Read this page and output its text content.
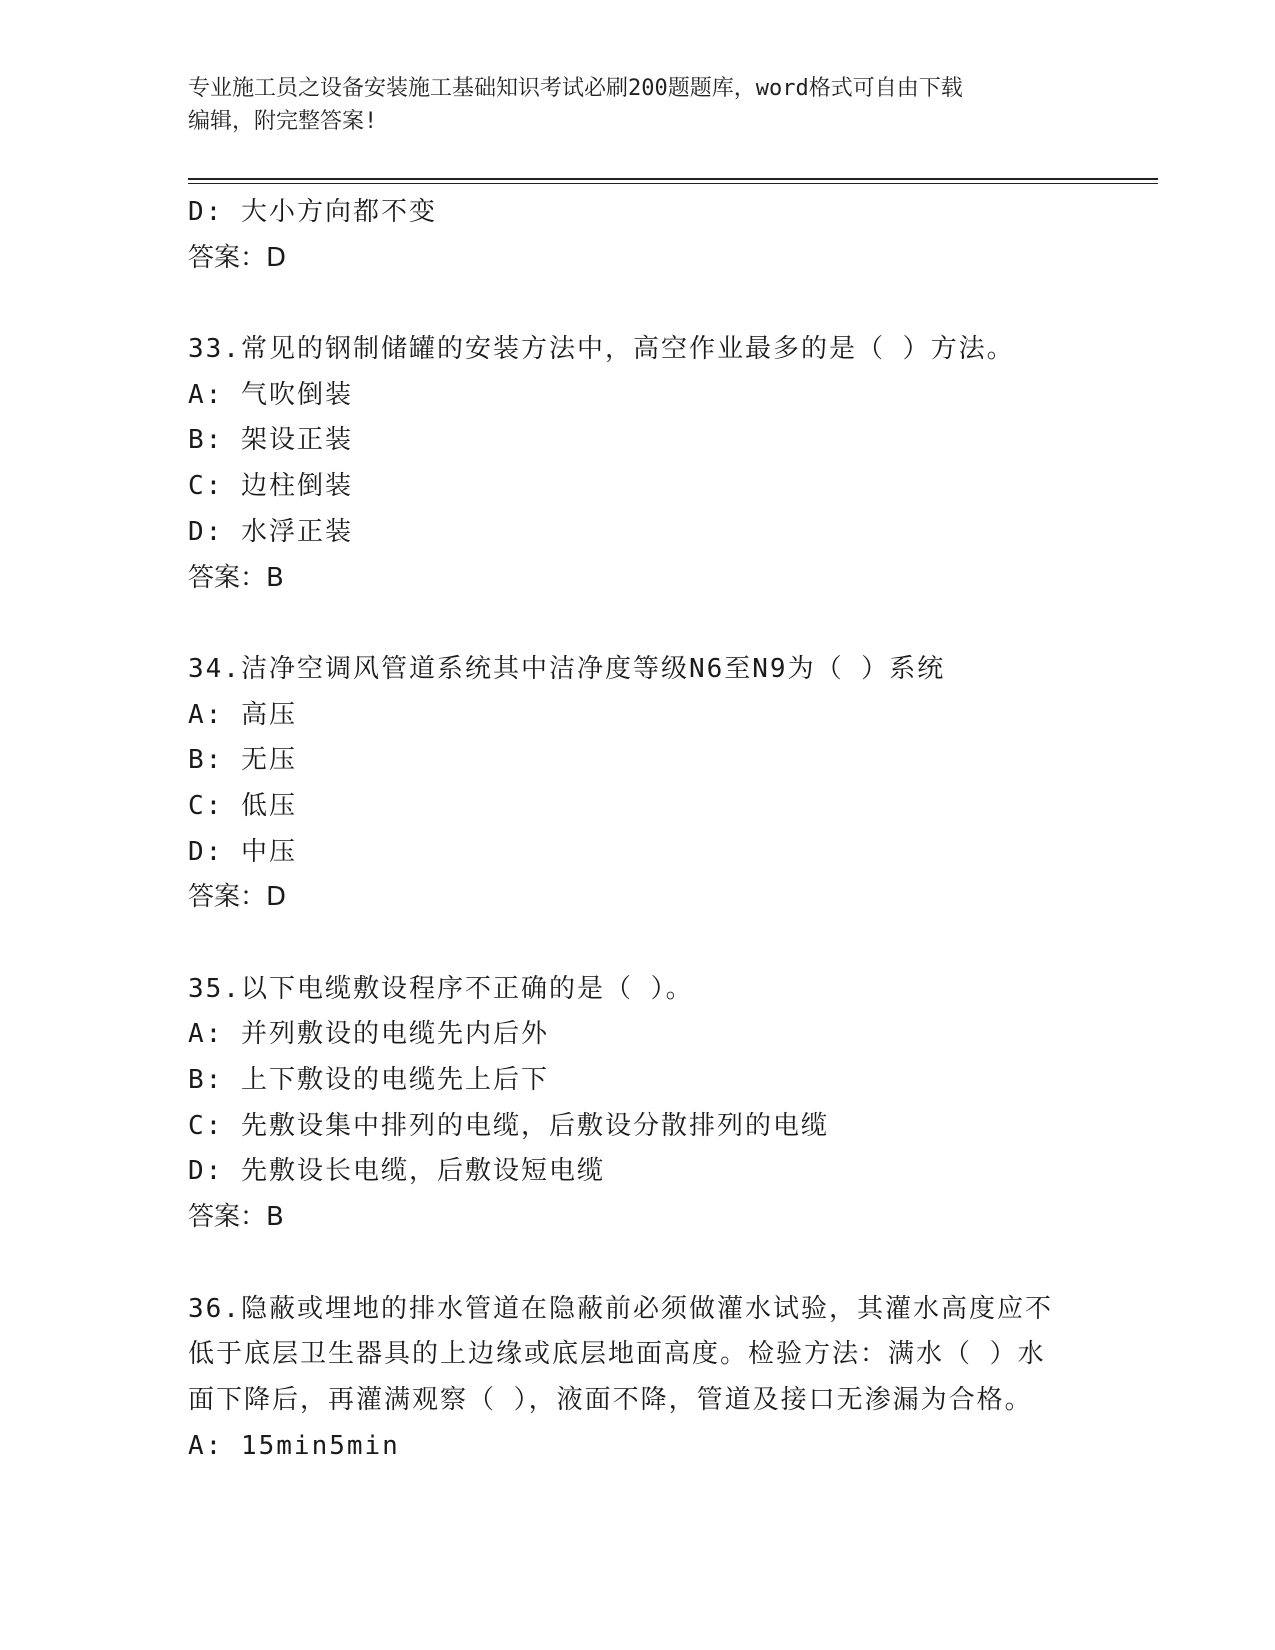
专业施工员之设备安装施工基础知识考试必刷200题题库，word格式可自由下载
编辑，附完整答案!
D: 大小方向都不变
答案：D
33.常见的钢制储罐的安装方法中，高空作业最多的是（ ）方法。
A: 气吹倒装
B: 架设正装
C: 边柱倒装
D: 水浮正装
答案：B
34.洁净空调风管道系统其中洁净度等级N6至N9为（ ）系统
A: 高压
B: 无压
C: 低压
D: 中压
答案：D
35.以下电缆敷设程序不正确的是（ ）。
A: 并列敷设的电缆先内后外
B: 上下敷设的电缆先上后下
C: 先敷设集中排列的电缆，后敷设分散排列的电缆
D: 先敷设长电缆，后敷设短电缆
答案：B
36.隐蔽或埋地的排水管道在隐蔽前必须做灌水试验，其灌水高度应不
低于底层卫生器具的上边缘或底层地面高度。检验方法：满水（ ）水
面下降后，再灌满观察（ ），液面不降，管道及接口无渗漏为合格。
A: 15min5min
